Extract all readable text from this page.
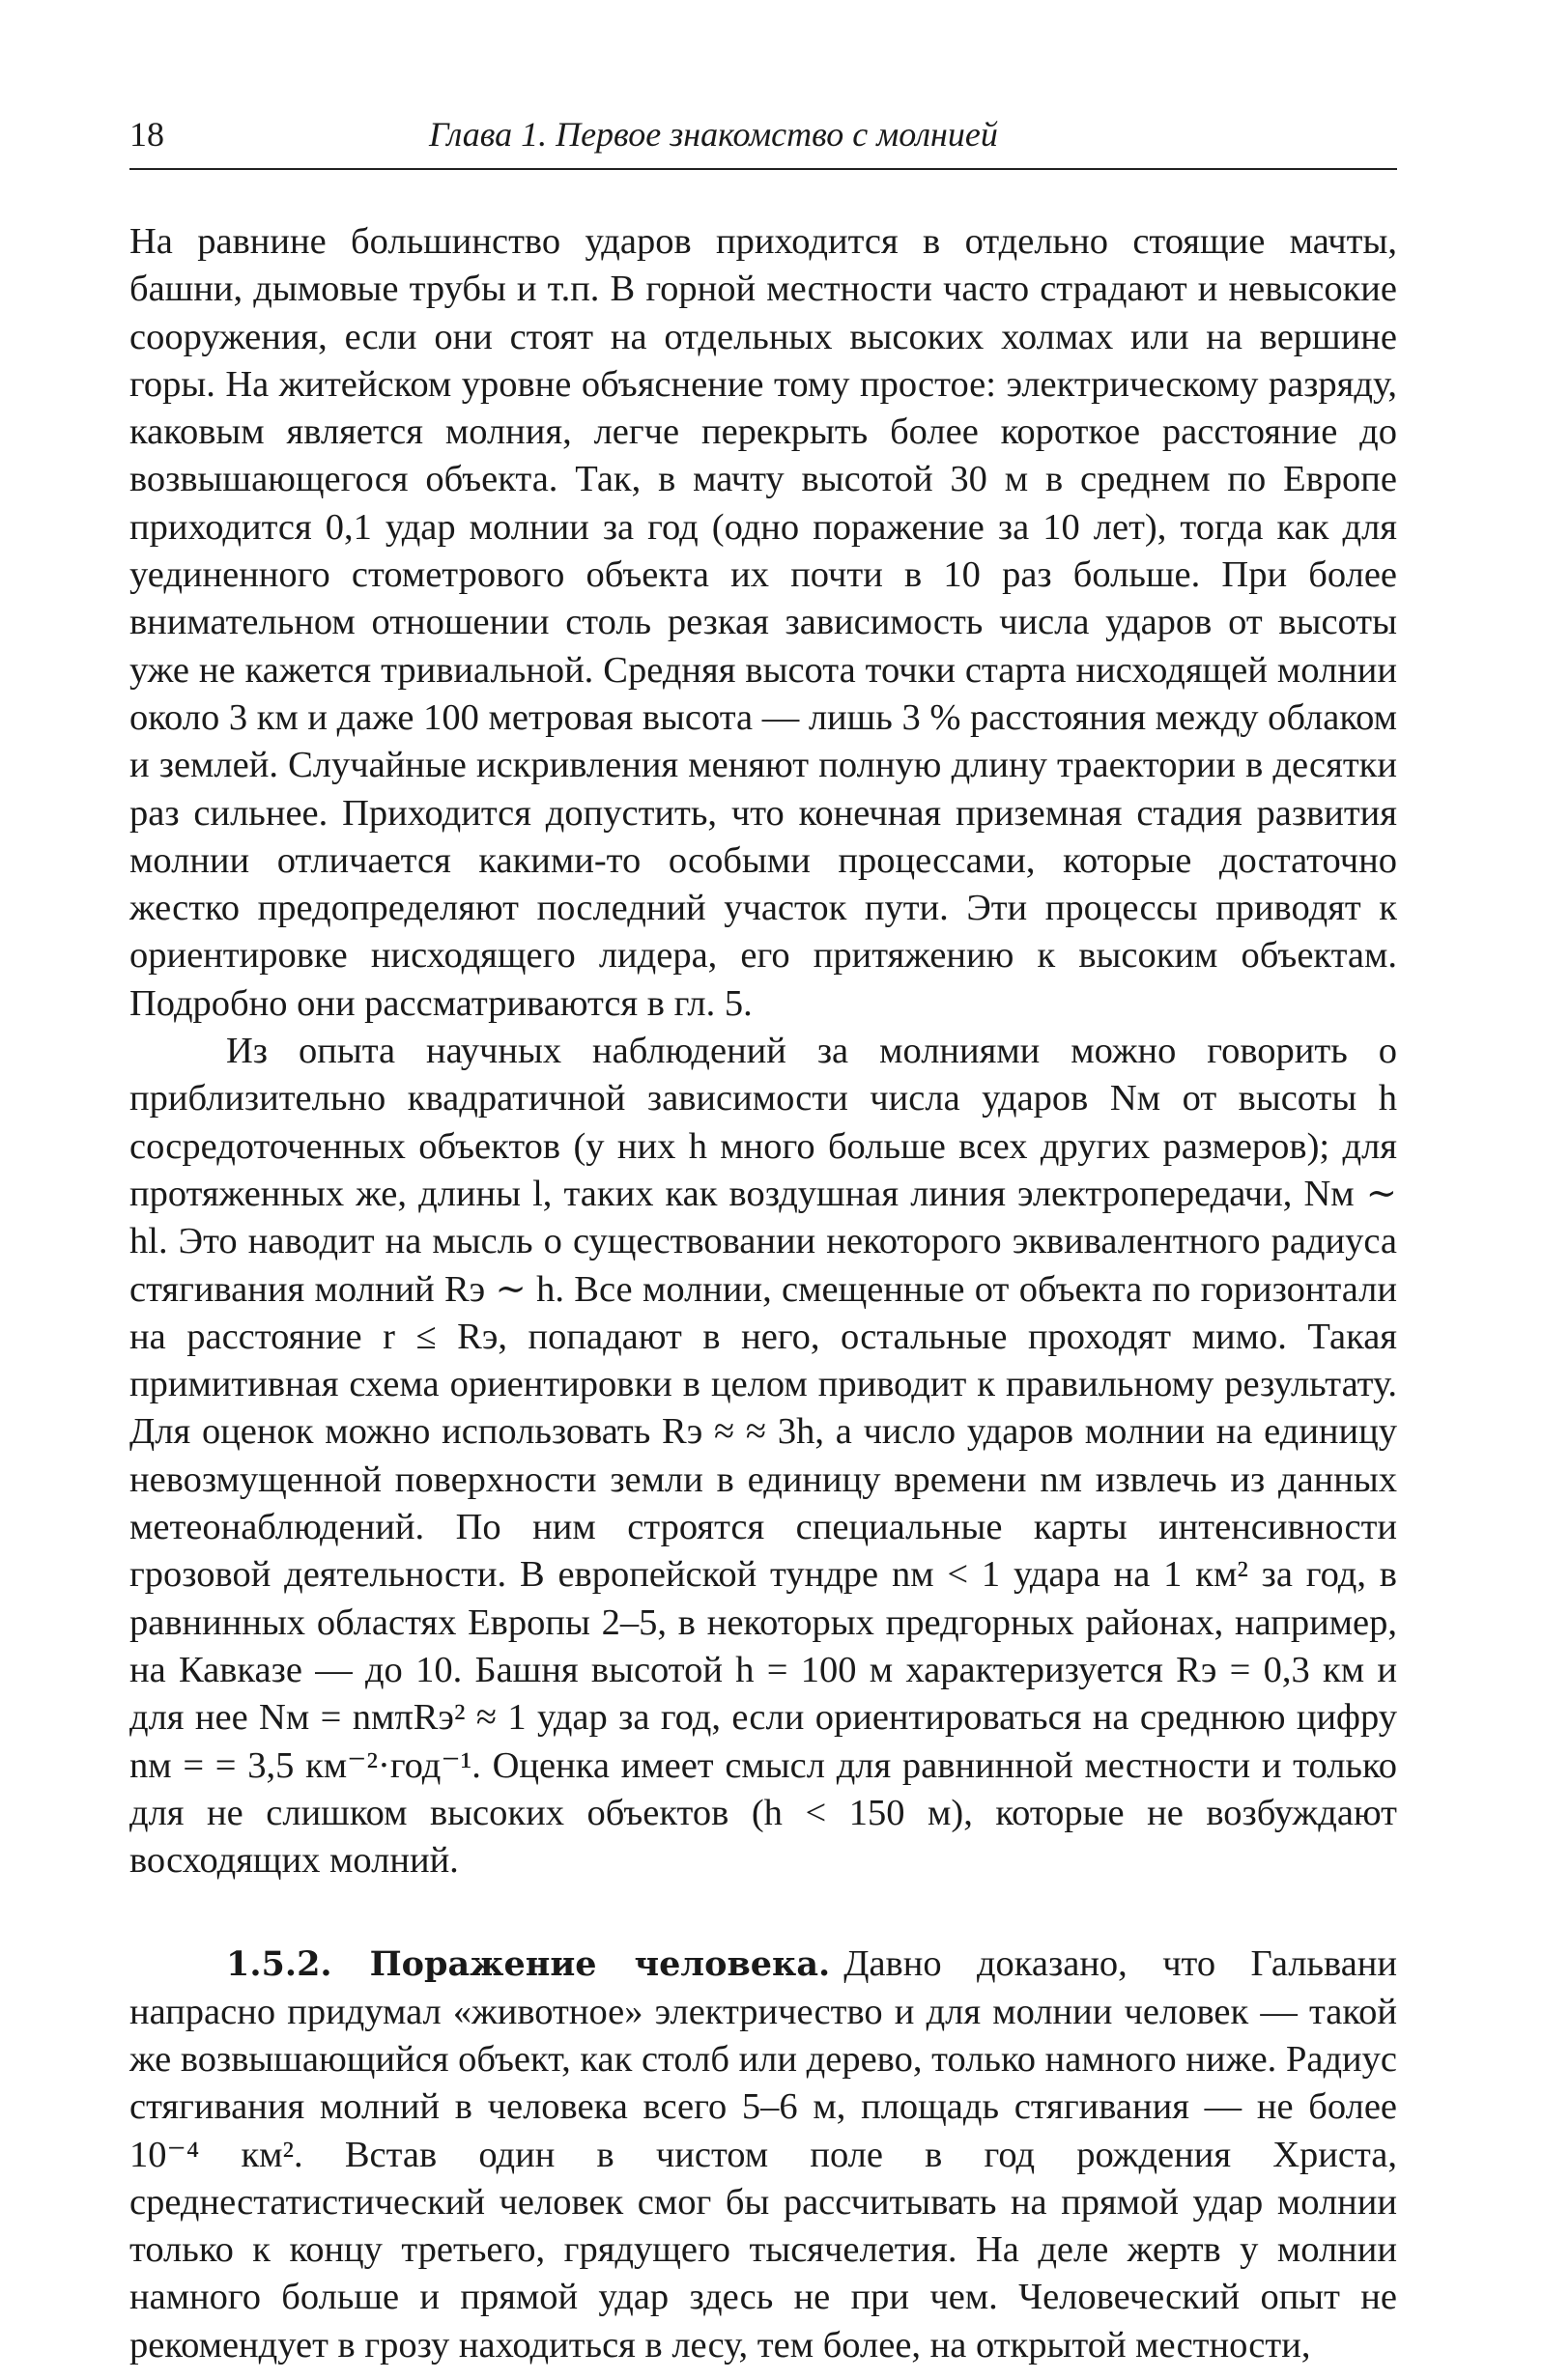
18	Глава 1. Первое знакомство с молнией

На равнине большинство ударов приходится в отдельно стоящие мачты, башни, дымовые трубы и т.п. В горной местности часто страдают и невысокие сооружения, если они стоят на отдельных высоких холмах или на вершине горы. На житейском уровне объяснение тому простое: электрическому разряду, каковым является молния, легче перекрыть более короткое расстояние до возвышающегося объекта. Так, в мачту высотой 30 м в среднем по Европе приходится 0,1 удар молнии за год (одно поражение за 10 лет), тогда как для уединенного стометрового объекта их почти в 10 раз больше. При более внимательном отношении столь резкая зависимость числа ударов от высоты уже не кажется тривиальной. Средняя высота точки старта нисходящей молнии около 3 км и даже 100 метровая высота — лишь 3 % расстояния между облаком и землей. Случайные искривления меняют полную длину траектории в десятки раз сильнее. Приходится допустить, что конечная приземная стадия развития молнии отличается какими-то особыми процессами, которые достаточно жестко предопределяют последний участок пути. Эти процессы приводят к ориентировке нисходящего лидера, его притяжению к высоким объектам. Подробно они рассматриваются в гл. 5.

Из опыта научных наблюдений за молниями можно говорить о приблизительно квадратичной зависимости числа ударов Nм от высоты h сосредоточенных объектов (у них h много больше всех других размеров); для протяженных же, длины l, таких как воздушная линия электропередачи, Nм ∼ hl. Это наводит на мысль о существовании некоторого эквивалентного радиуса стягивания молний Rэ ∼ h. Все молнии, смещенные от объекта по горизонтали на расстояние r ≤ Rэ, попадают в него, остальные проходят мимо. Такая примитивная схема ориентировки в целом приводит к правильному результату. Для оценок можно использовать Rэ ≈ ≈ 3h, а число ударов молнии на единицу невозмущенной поверхности земли в единицу времени nм извлечь из данных метеонаблюдений. По ним строятся специальные карты интенсивности грозовой деятельности. В европейской тундре nм < 1 удара на 1 км² за год, в равнинных областях Европы 2–5, в некоторых предгорных районах, например, на Кавказе — до 10. Башня высотой h = 100 м характеризуется Rэ = 0,3 км и для нее Nм = nмπRэ² ≈ 1 удар за год, если ориентироваться на среднюю цифру nм = = 3,5 км⁻²·год⁻¹. Оценка имеет смысл для равнинной местности и только для не слишком высоких объектов (h < 150 м), которые не возбуждают восходящих молний.

1.5.2. Поражение человека. Давно доказано, что Гальвани напрасно придумал «животное» электричество и для молнии человек — такой же возвышающийся объект, как столб или дерево, только намного ниже. Радиус стягивания молний в человека всего 5–6 м, площадь стягивания — не более 10⁻⁴ км². Встав один в чистом поле в год рождения Христа, среднестатистический человек смог бы рассчитывать на прямой удар молнии только к концу третьего, грядущего тысячелетия. На деле жертв у молнии намного больше и прямой удар здесь не при чем. Человеческий опыт не рекомендует в грозу находиться в лесу, тем более, на открытой местности,
